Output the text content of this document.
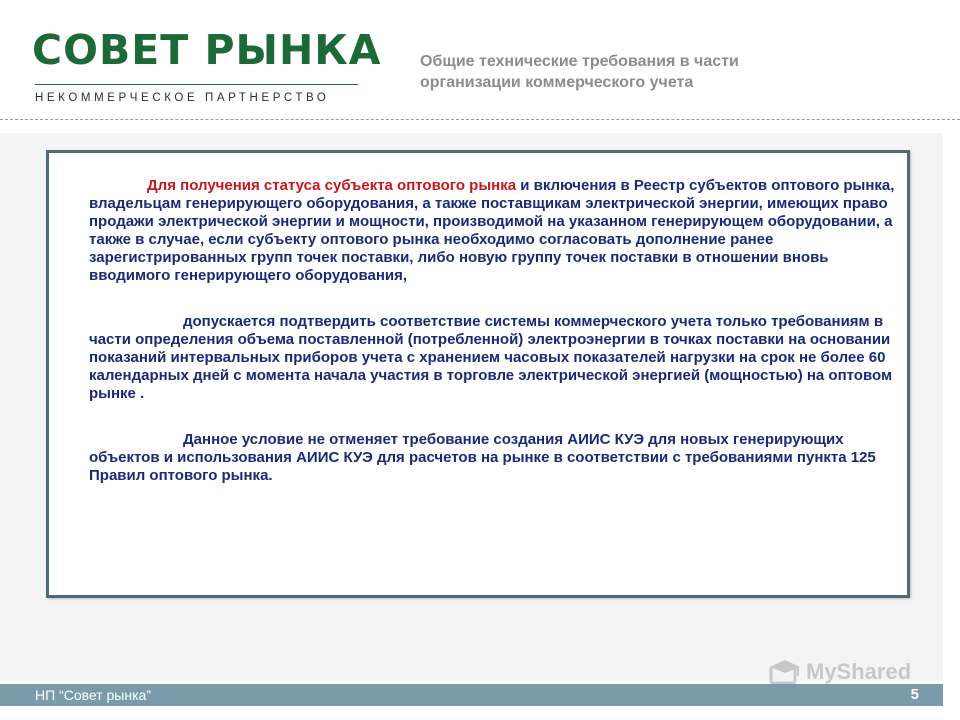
СОВЕТ РЫНКА
НЕКОММЕРЧЕСКОЕ ПАРТНЕРСТВО
Общие технические требования в части организации коммерческого учета

Для получения статуса субъекта оптового рынка и включения в Реестр субъектов оптового рынка, владельцам генерирующего оборудования, а также поставщикам электрической энергии, имеющих право продажи электрической энергии и мощности, производимой на указанном генерирующем оборудовании, а также в случае, если субъекту оптового рынка необходимо согласовать дополнение ранее зарегистрированных групп точек поставки, либо новую группу точек поставки в отношении вновь вводимого генерирующего оборудования,

допускается подтвердить соответствие системы коммерческого учета только требованиям в части определения объема поставленной (потребленной) электроэнергии в точках поставки на основании показаний интервальных приборов учета с хранением часовых показателей нагрузки на срок не более 60 календарных дней с момента начала участия в торговле электрической энергией (мощностью) на оптовом рынке .

Данное условие не отменяет требование создания АИИС КУЭ для новых генерирующих объектов и использования АИИС КУЭ для расчетов на рынке в соответствии с требованиями пункта 125 Правил оптового рынка.

MyShared
НП “Совет рынка”	5
